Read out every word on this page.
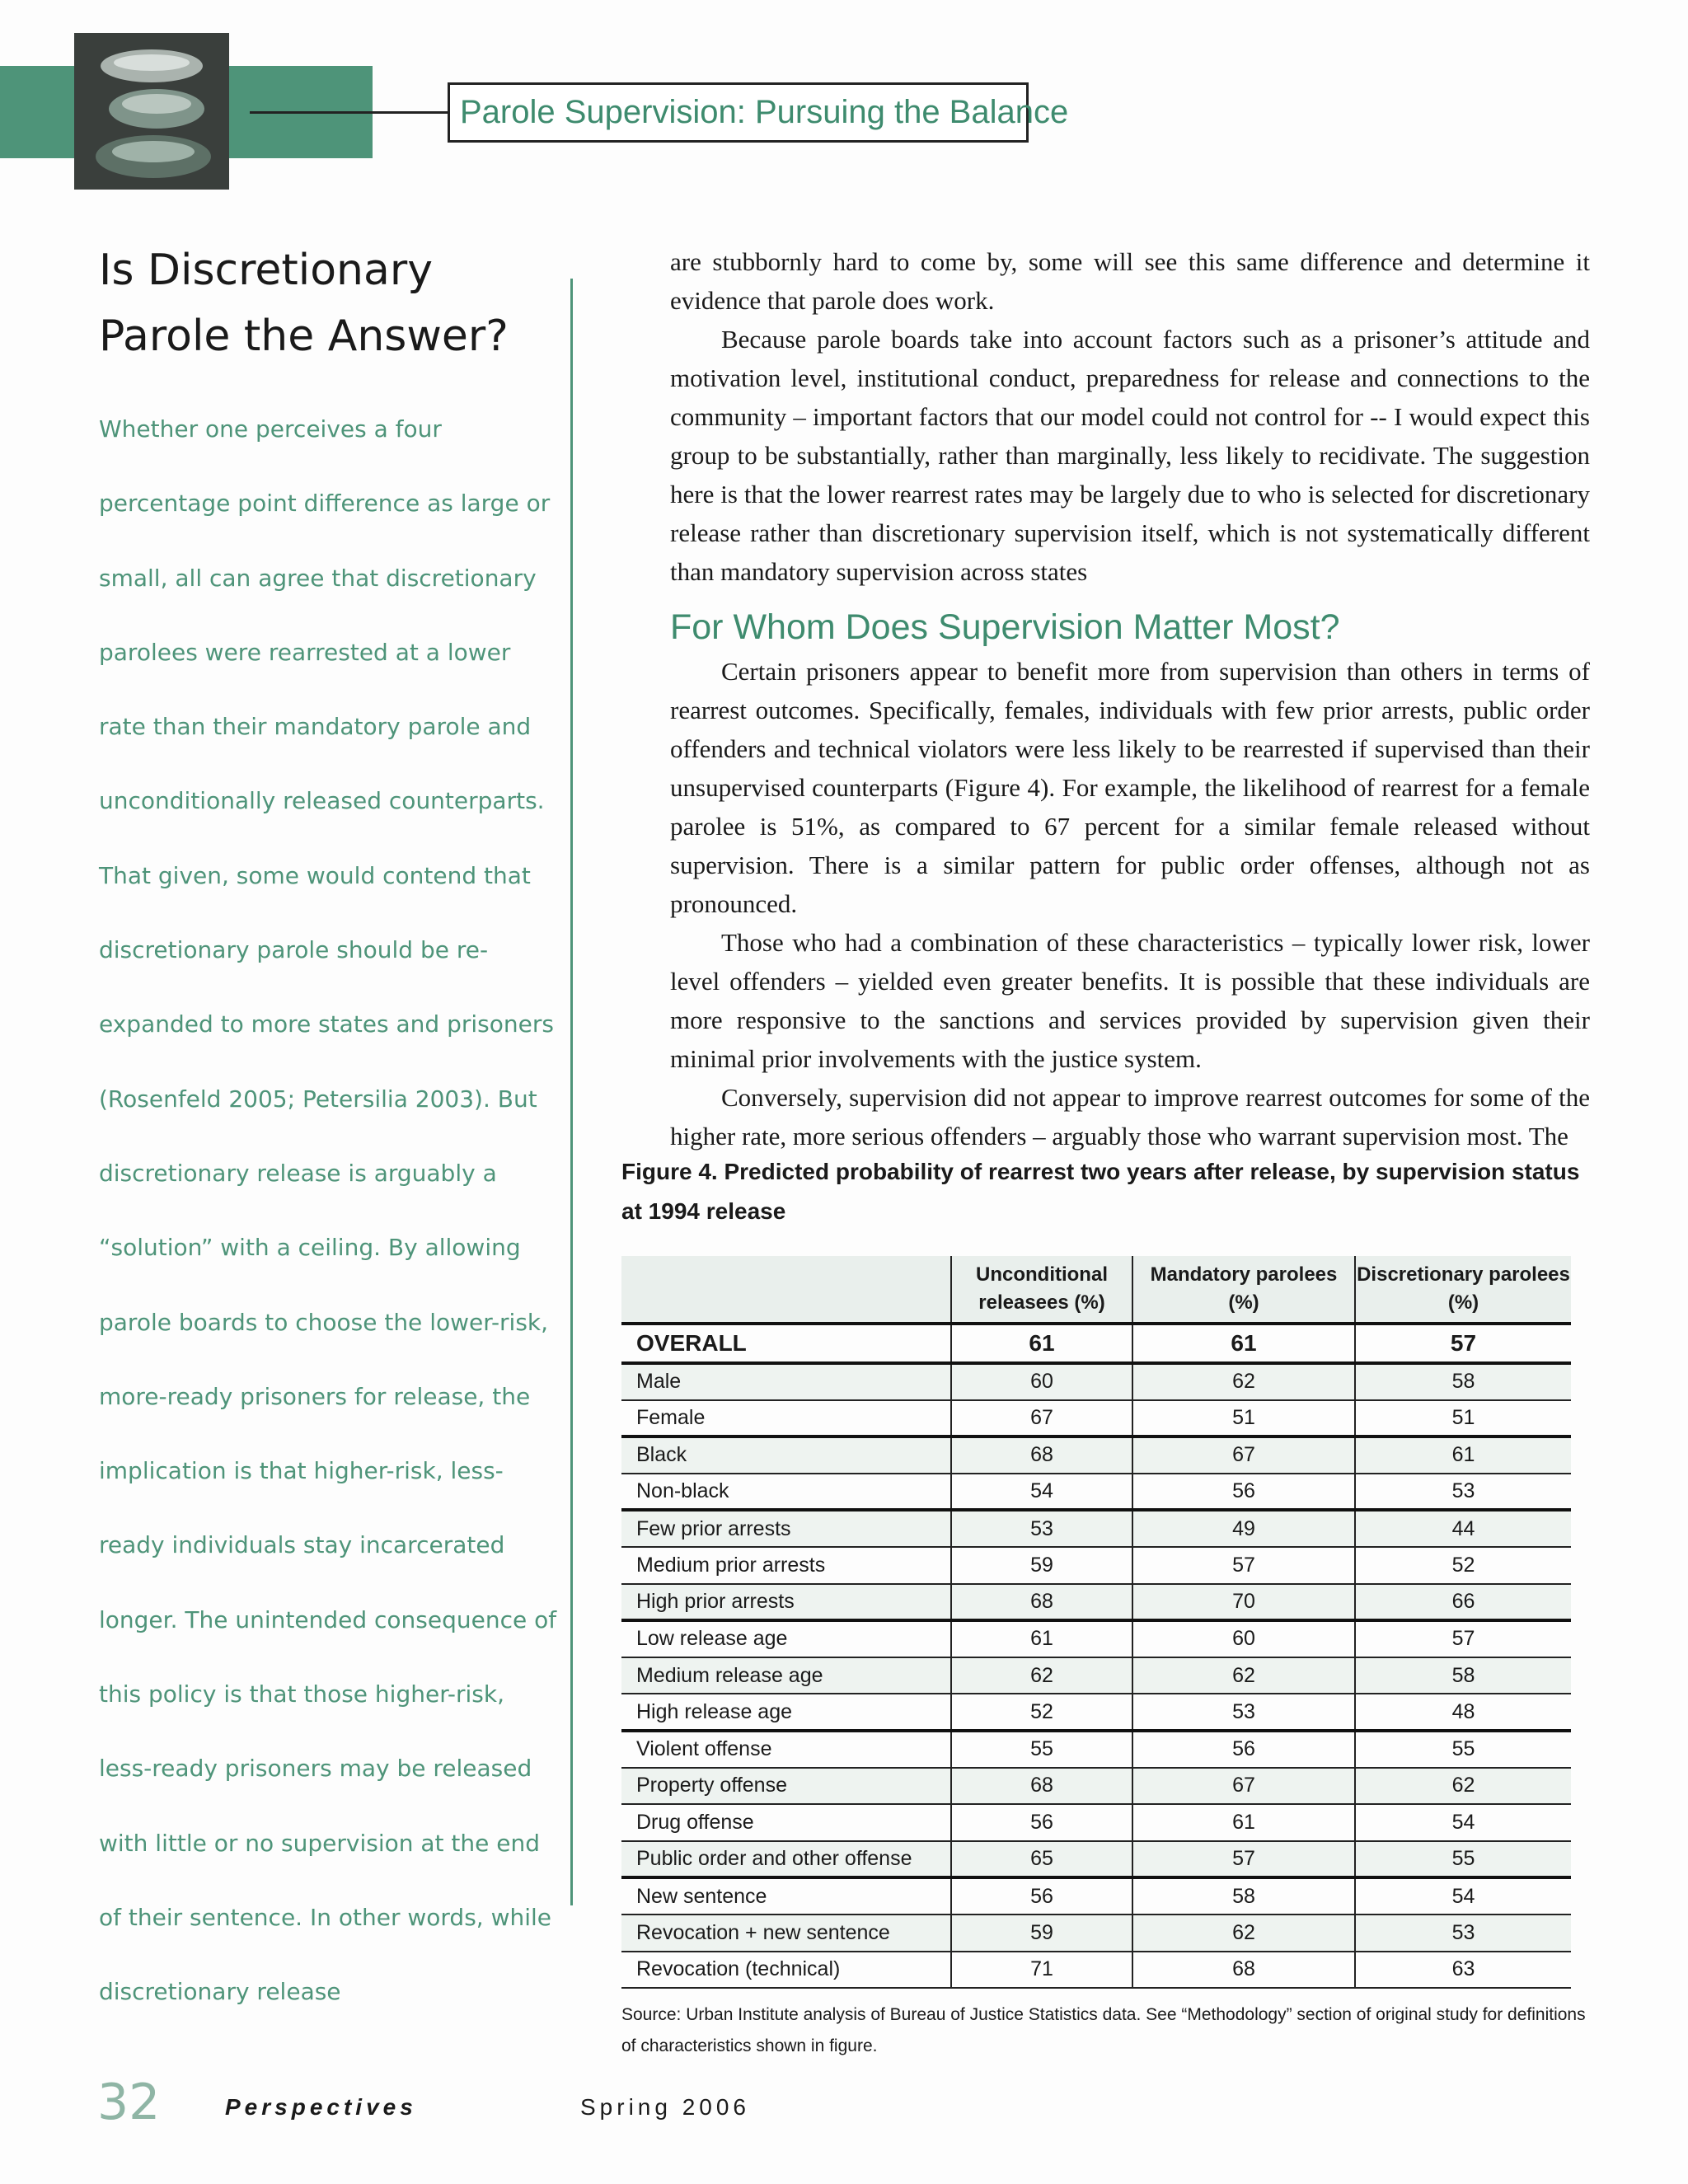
Parole Supervision: Pursuing the Balance
Is Discretionary Parole the Answer?
Whether one perceives a four percentage point difference as large or small, all can agree that discretionary parolees were rearrested at a lower rate than their mandatory parole and unconditionally released counterparts. That given, some would contend that discretionary parole should be re-expanded to more states and prisoners (Rosenfeld 2005; Petersilia 2003). But discretionary release is arguably a “solution” with a ceiling. By allowing parole boards to choose the lower-risk, more-ready prisoners for release, the implication is that higher-risk, less-ready individuals stay incarcerated longer. The unintended consequence of this policy is that those higher-risk, less-ready prisoners may be released with little or no supervision at the end of their sentence. In other words, while discretionary release

are stubbornly hard to come by, some will see this same difference and determine it evidence that parole does work.

Because parole boards take into account factors such as a prisoner’s attitude and motivation level, institutional conduct, preparedness for release and connections to the community – important factors that our model could not control for -- I would expect this group to be substantially, rather than marginally, less likely to recidivate. The suggestion here is that the lower rearrest rates may be largely due to who is selected for discretionary release rather than discretionary supervision itself, which is not systematically different than mandatory supervision across states

For Whom Does Supervision Matter Most?

Certain prisoners appear to benefit more from supervision than others in terms of rearrest outcomes. Specifically, females, individuals with few prior arrests, public order offenders and technical violators were less likely to be rearrested if supervised than their unsupervised counterparts (Figure 4). For example, the likelihood of rearrest for a female parolee is 51%, as compared to 67 percent for a similar female released without supervision. There is a similar pattern for public order offenses, although not as pronounced.

Those who had a combination of these characteristics – typically lower risk, lower level offenders – yielded even greater benefits. It is possible that these individuals are more responsive to the sanctions and services provided by supervision given their minimal prior involvements with the justice system.

Conversely, supervision did not appear to improve rearrest outcomes for some of the higher rate, more serious offenders – arguably those who warrant supervision most. The

Figure 4. Predicted probability of rearrest two years after release, by supervision status at 1994 release
	Unconditional releasees (%)	Mandatory parolees (%)	Discretionary parolees (%)
OVERALL	61	61	57
Male	60	62	58
Female	67	51	51
Black	68	67	61
Non-black	54	56	53
Few prior arrests	53	49	44
Medium prior arrests	59	57	52
High prior arrests	68	70	66
Low release age	61	60	57
Medium release age	62	62	58
High release age	52	53	48
Violent offense	55	56	55
Property offense	68	67	62
Drug offense	56	61	54
Public order and other offense	65	57	55
New sentence	56	58	54
Revocation + new sentence	59	62	53
Revocation (technical)	71	68	63
Source: Urban Institute analysis of Bureau of Justice Statistics data. See “Methodology” section of original study for definitions of characteristics shown in figure.
32	Perspectives	Spring 2006
